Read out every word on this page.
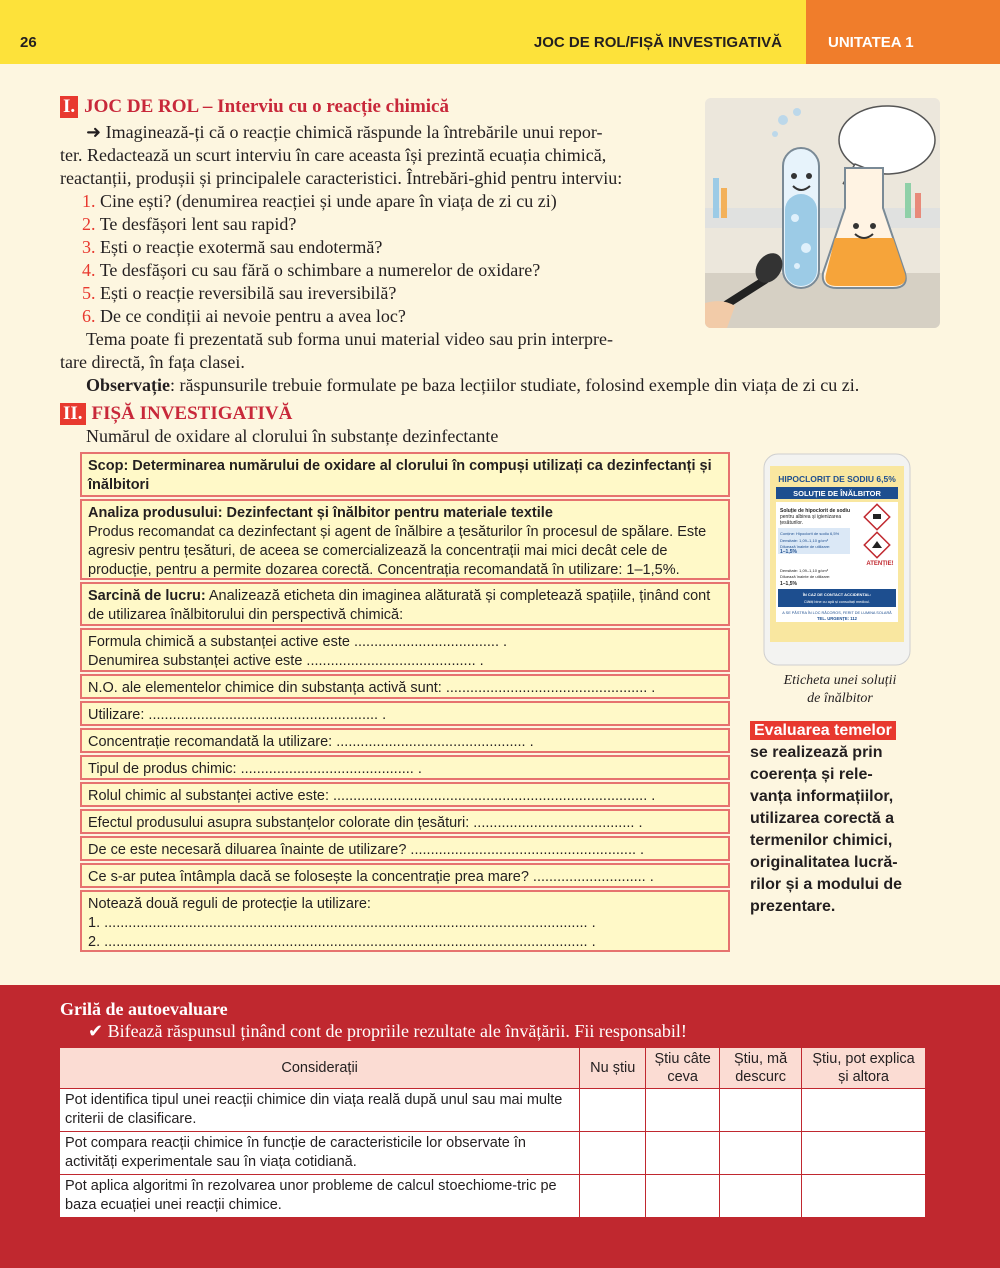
26	JOC DE ROL/FIȘĂ INVESTIGATIVĂ	UNITATEA 1
I. JOC DE ROL – Interviu cu o reacție chimică
➜ Imaginează-ți că o reacție chimică răspunde la întrebările unui repor-
ter. Redactează un scurt interviu în care aceasta își prezintă ecuația chimică,
reactanții, produșii și principalele caracteristici. Întrebări-ghid pentru interviu:
1. Cine ești? (denumirea reacției și unde apare în viața de zi cu zi)
2. Te desfășori lent sau rapid?
3. Ești o reacție exotermă sau endotermă?
4. Te desfășori cu sau fără o schimbare a numerelor de oxidare?
5. Ești o reacție reversibilă sau ireversibilă?
6. De ce condiții ai nevoie pentru a avea loc?
Tema poate fi prezentată sub forma unui material video sau prin interpre-
tare directă, în fața clasei.
Observație: răspunsurile trebuie formulate pe baza lecțiilor studiate, folosind exemple din viața de zi cu zi.
II. FIȘĂ INVESTIGATIVĂ
Numărul de oxidare al clorului în substanțe dezinfectante
Scop: Determinarea numărului de oxidare al clorului în compuși utilizați ca dezinfectanți și înălbitori
Analiza produsului: Dezinfectant și înălbitor pentru materiale textile
Produs recomandat ca dezinfectant și agent de înălbire a țesăturilor în procesul de spălare. Este agresiv pentru țesături, de aceea se comercializează la concentrații mai mici decât cele de producție, pentru a permite dozarea corectă. Concentrația recomandată în utilizare: 1–1,5%.
Sarcină de lucru: Analizează eticheta din imaginea alăturată și completează spațiile, ținând cont de utilizarea înălbitorului din perspectivă chimică:
Formula chimică a substanței active este .................................... .
Denumirea substanței active este .......................................... .
N.O. ale elementelor chimice din substanța activă sunt: .................................................. .
Utilizare: ......................................................... .
Concentrație recomandată la utilizare: ............................................... .
Tipul de produs chimic: ........................................... .
Rolul chimic al substanței active este: .............................................................................. .
Efectul produsului asupra substanțelor colorate din țesături: ........................................ .
De ce este necesară diluarea înainte de utilizare? ........................................................ .
Ce s-ar putea întâmpla dacă se folosește la concentrație prea mare? ............................ .
Notează două reguli de protecție la utilizare:
1. ........................................................................................................................ .
2. ........................................................................................................................ .
HIPOCLORIT DE SODIU 6,5%
SOLUȚIE DE ÎNĂLBITOR
Soluție de hipoclorit de sodiu
pentru albirea și igienizarea
țesăturilor.
Conține: Hipoclorit de sodiu 6,5%
Densitate: 1,09–1,10 g/cm³
Diluează înainte de utilizare:
1–1,5%
ATENȚIE!
Densitate: 1,09–1,10 g/cm³
Diluează înainte de utilizare:
1–1,5%
ÎN CAZ DE CONTACT ACCIDENTAL:
Clătiți bine cu apă și consultați medicul.
A SE PĂSTRA ÎN LOC RĂCOROS, FERIT DE LUMINA SOLARĂ
TEL. URGENȚE: 112
Eticheta unei soluții
de înălbitor
Evaluarea temelor
se realizează prin
coerența și rele-
vanța informațiilor,
utilizarea corectă a
termenilor chimici,
originalitatea lucră-
rilor și a modului de
prezentare.
Grilă de autoevaluare
✔ Bifează răspunsul ținând cont de propriile rezultate ale învățării. Fii responsabil!
Considerații	Nu știu	Știu câte ceva	Știu, mă descurc	Știu, pot explica și altora
Pot identifica tipul unei reacții chimice din viața reală după unul sau mai multe criterii de clasificare.				
Pot compara reacții chimice în funcție de caracteristicile lor observate în activități experimentale sau în viața cotidiană.				
Pot aplica algoritmi în rezolvarea unor probleme de calcul stoechiome-tric pe baza ecuației unei reacții chimice.				
